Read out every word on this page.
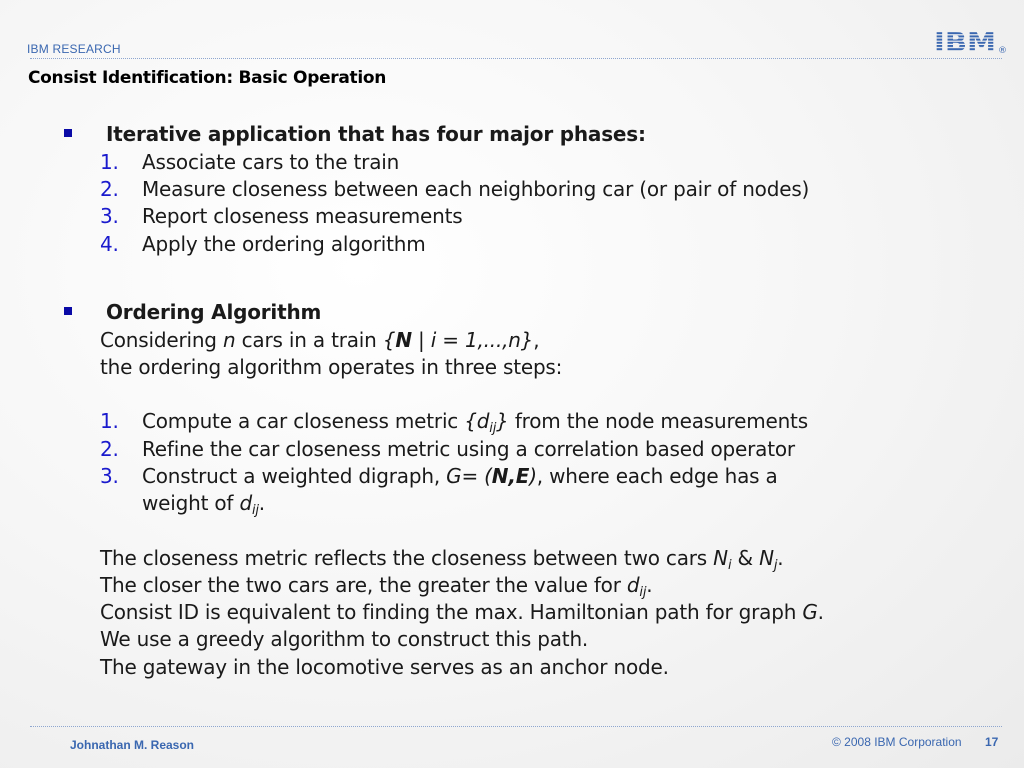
IBM RESEARCH	IBM ®
Consist Identification: Basic Operation
Iterative application that has four major phases:
1. Associate cars to the train
2. Measure closeness between each neighboring car (or pair of nodes)
3. Report closeness measurements
4. Apply the ordering algorithm
Ordering Algorithm
Considering n cars in a train {N | i = 1,...,n},
the ordering algorithm operates in three steps:
1. Compute a car closeness metric $\{d_{ij}\}$ from the node measurements
2. Refine the car closeness metric using a correlation based operator
3. Construct a weighted digraph, G= (N,E), where each edge has a
weight of $d_{ij}$.
The closeness metric reflects the closeness between two cars $N_i$ & $N_j$.
The closer the two cars are, the greater the value for $d_{ij}$.
Consist ID is equivalent to finding the max. Hamiltonian path for graph G.
We use a greedy algorithm to construct this path.
The gateway in the locomotive serves as an anchor node.
Johnathan M. Reason	© 2008 IBM Corporation 17
